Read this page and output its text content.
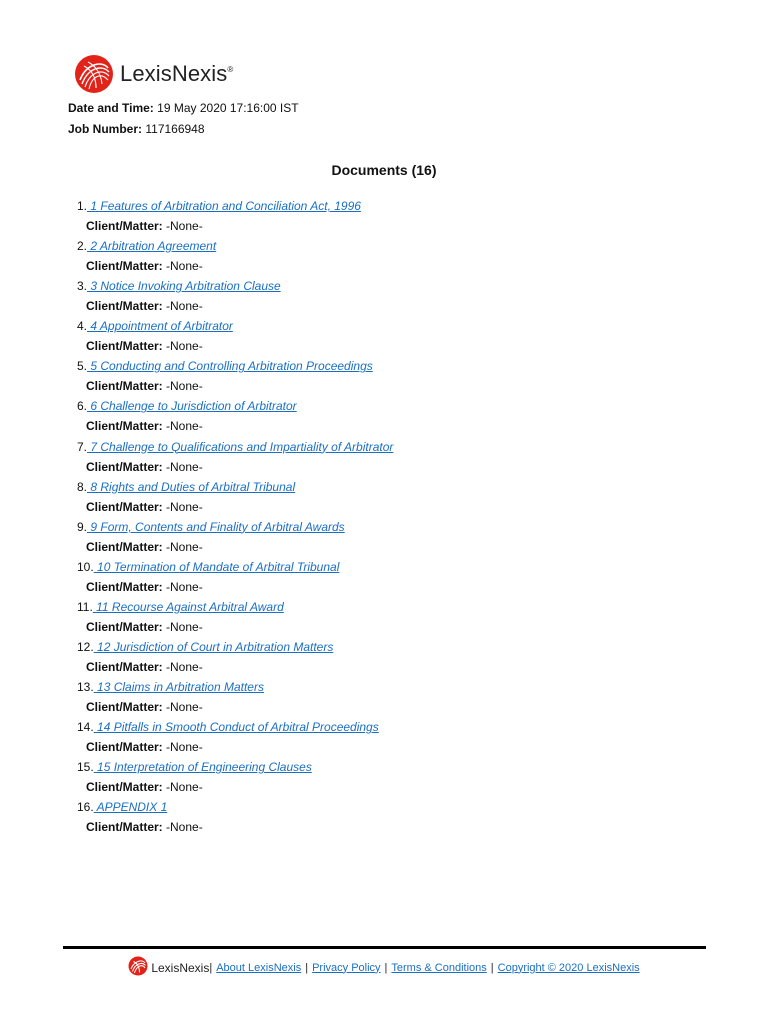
LexisNexis®
Date and Time: 19 May 2020 17:16:00 IST
Job Number: 117166948
Documents (16)
1. 1 Features of Arbitration and Conciliation Act, 1996
Client/Matter: -None-
2. 2 Arbitration Agreement
Client/Matter: -None-
3. 3 Notice Invoking Arbitration Clause
Client/Matter: -None-
4. 4 Appointment of Arbitrator
Client/Matter: -None-
5. 5 Conducting and Controlling Arbitration Proceedings
Client/Matter: -None-
6. 6 Challenge to Jurisdiction of Arbitrator
Client/Matter: -None-
7. 7 Challenge to Qualifications and Impartiality of Arbitrator
Client/Matter: -None-
8. 8 Rights and Duties of Arbitral Tribunal
Client/Matter: -None-
9. 9 Form, Contents and Finality of Arbitral Awards
Client/Matter: -None-
10. 10 Termination of Mandate of Arbitral Tribunal
Client/Matter: -None-
11. 11 Recourse Against Arbitral Award
Client/Matter: -None-
12. 12 Jurisdiction of Court in Arbitration Matters
Client/Matter: -None-
13. 13 Claims in Arbitration Matters
Client/Matter: -None-
14. 14 Pitfalls in Smooth Conduct of Arbitral Proceedings
Client/Matter: -None-
15. 15 Interpretation of Engineering Clauses
Client/Matter: -None-
16. APPENDIX 1
Client/Matter: -None-
LexisNexis | About LexisNexis | Privacy Policy | Terms & Conditions | Copyright © 2020 LexisNexis
